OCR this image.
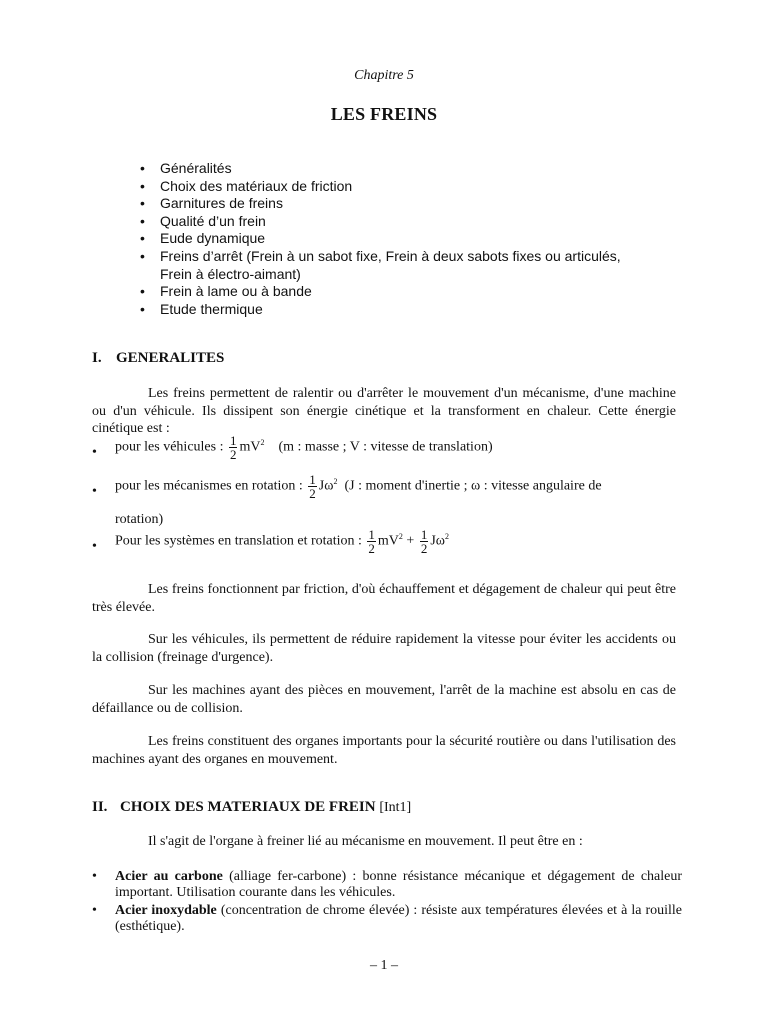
Chapitre 5
LES FREINS
• Généralités
• Choix des matériaux de friction
• Garnitures de freins
• Qualité d’un frein
• Eude dynamique
• Freins d’arrêt (Frein à un sabot fixe, Frein à deux sabots fixes ou articulés,
Frein à électro-aimant)
• Frein à lame ou à bande
• Etude thermique
I. GENERALITES

Les freins permettent de ralentir ou d'arrêter le mouvement d'un mécanisme, d'une machine ou d'un véhicule. Ils dissipent son énergie cinétique et la transforment en chaleur. Cette énergie cinétique est :

• pour les véhicules : $\frac{1}{2} mV^2$ (m : masse ; V : vitesse de translation)
• pour les mécanismes en rotation : $\frac{1}{2} J\omega^2$ (J : moment d'inertie ; ω : vitesse angulaire de
rotation)
• Pour les systèmes en translation et rotation : $\frac{1}{2} mV^2 + \frac{1}{2} J\omega^2$

Les freins fonctionnent par friction, d'où échauffement et dégagement de chaleur qui peut être très élevée.

Sur les véhicules, ils permettent de réduire rapidement la vitesse pour éviter les accidents ou la collision (freinage d'urgence).

Sur les machines ayant des pièces en mouvement, l'arrêt de la machine est absolu en cas de défaillance ou de collision.

Les freins constituent des organes importants pour la sécurité routière ou dans l'utilisation des machines ayant des organes en mouvement.

II. CHOIX DES MATERIAUX DE FREIN [Int1]

Il s'agit de l'organe à freiner lié au mécanisme en mouvement. Il peut être en :

• Acier au carbone (alliage fer-carbone) : bonne résistance mécanique et dégagement de chaleur important. Utilisation courante dans les véhicules.
• Acier inoxydable (concentration de chrome élevée) : résiste aux températures élevées et à la rouille (esthétique).
– 1 –
